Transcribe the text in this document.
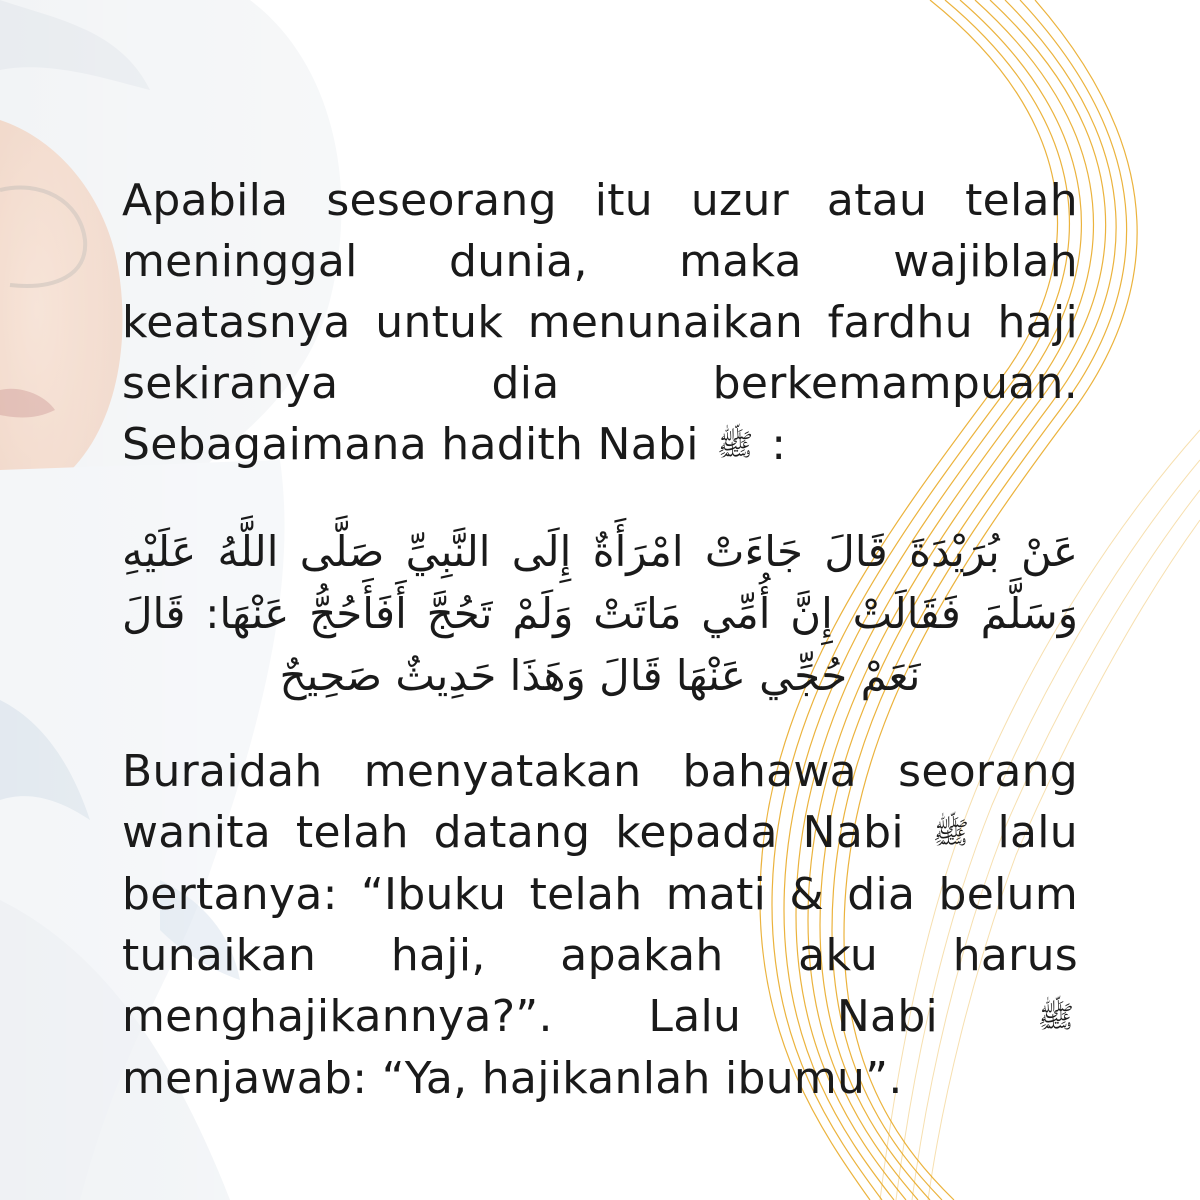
Apabila seseorang itu uzur atau telah meninggal dunia, maka wajiblah keatasnya untuk menunaikan fardhu haji sekiranya dia berkemampuan. Sebagaimana hadith Nabi ﷺ :

عَنْ بُرَيْدَةَ قَالَ جَاءَتْ امْرَأَةٌ إِلَى النَّبِيِّ صَلَّى اللَّهُ عَلَيْهِ وَسَلَّمَ فَقَالَتْ إِنَّ أُمِّي مَاتَتْ وَلَمْ تَحُجَّ أَفَأَحُجُّ عَنْهَا: قَالَ نَعَمْ حُجِّي عَنْهَا قَالَ وَهَذَا حَدِيثٌ صَحِيحٌ

Buraidah menyatakan bahawa seorang wanita telah datang kepada Nabi ﷺ lalu bertanya: “Ibuku telah mati & dia belum tunaikan haji, apakah aku harus menghajikannya?”. Lalu Nabi ﷺ menjawab: “Ya, hajikanlah ibumu”.
